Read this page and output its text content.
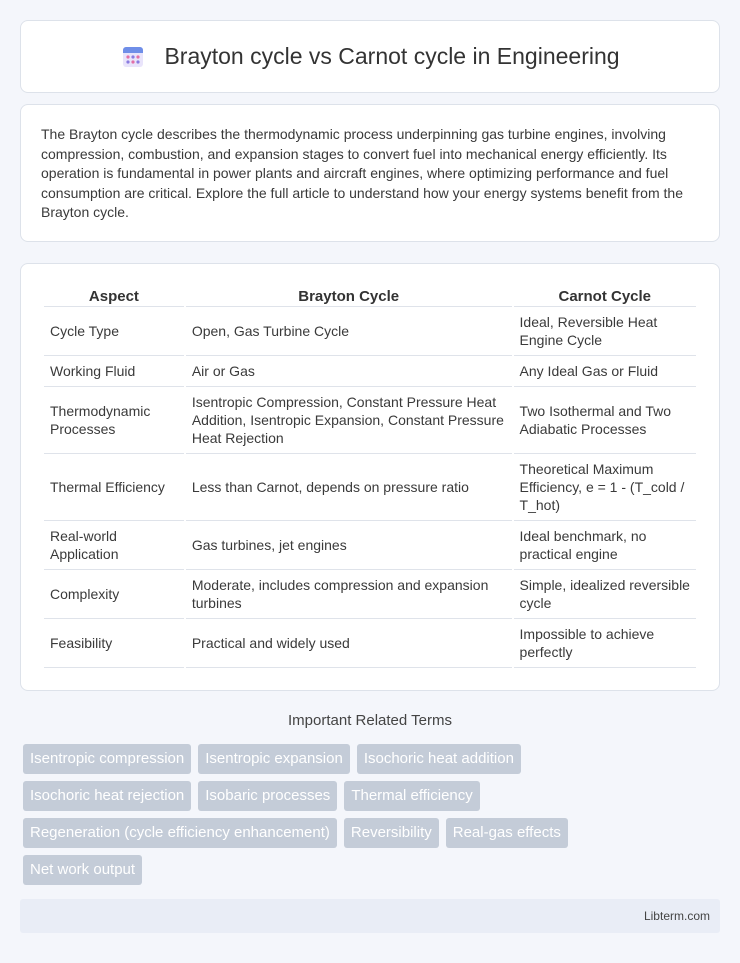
Brayton cycle vs Carnot cycle in Engineering

The Brayton cycle describes the thermodynamic process underpinning gas turbine engines, involving compression, combustion, and expansion stages to convert fuel into mechanical energy efficiently. Its operation is fundamental in power plants and aircraft engines, where optimizing performance and fuel consumption are critical. Explore the full article to understand how your energy systems benefit from the Brayton cycle.

Aspect	Brayton Cycle	Carnot Cycle
Cycle Type	Open, Gas Turbine Cycle	Ideal, Reversible Heat Engine Cycle
Working Fluid	Air or Gas	Any Ideal Gas or Fluid
Thermodynamic Processes	Isentropic Compression, Constant Pressure Heat Addition, Isentropic Expansion, Constant Pressure Heat Rejection	Two Isothermal and Two Adiabatic Processes
Thermal Efficiency	Less than Carnot, depends on pressure ratio	Theoretical Maximum Efficiency, e = 1 - (T_cold / T_hot)
Real-world Application	Gas turbines, jet engines	Ideal benchmark, no practical engine
Complexity	Moderate, includes compression and expansion turbines	Simple, idealized reversible cycle
Feasibility	Practical and widely used	Impossible to achieve perfectly
Important Related Terms
Isentropic compression	Isentropic expansion	Isochoric heat addition
Isochoric heat rejection	Isobaric processes	Thermal efficiency
Regeneration (cycle efficiency enhancement)	Reversibility	Real-gas effects
Net work output
Libterm.com
